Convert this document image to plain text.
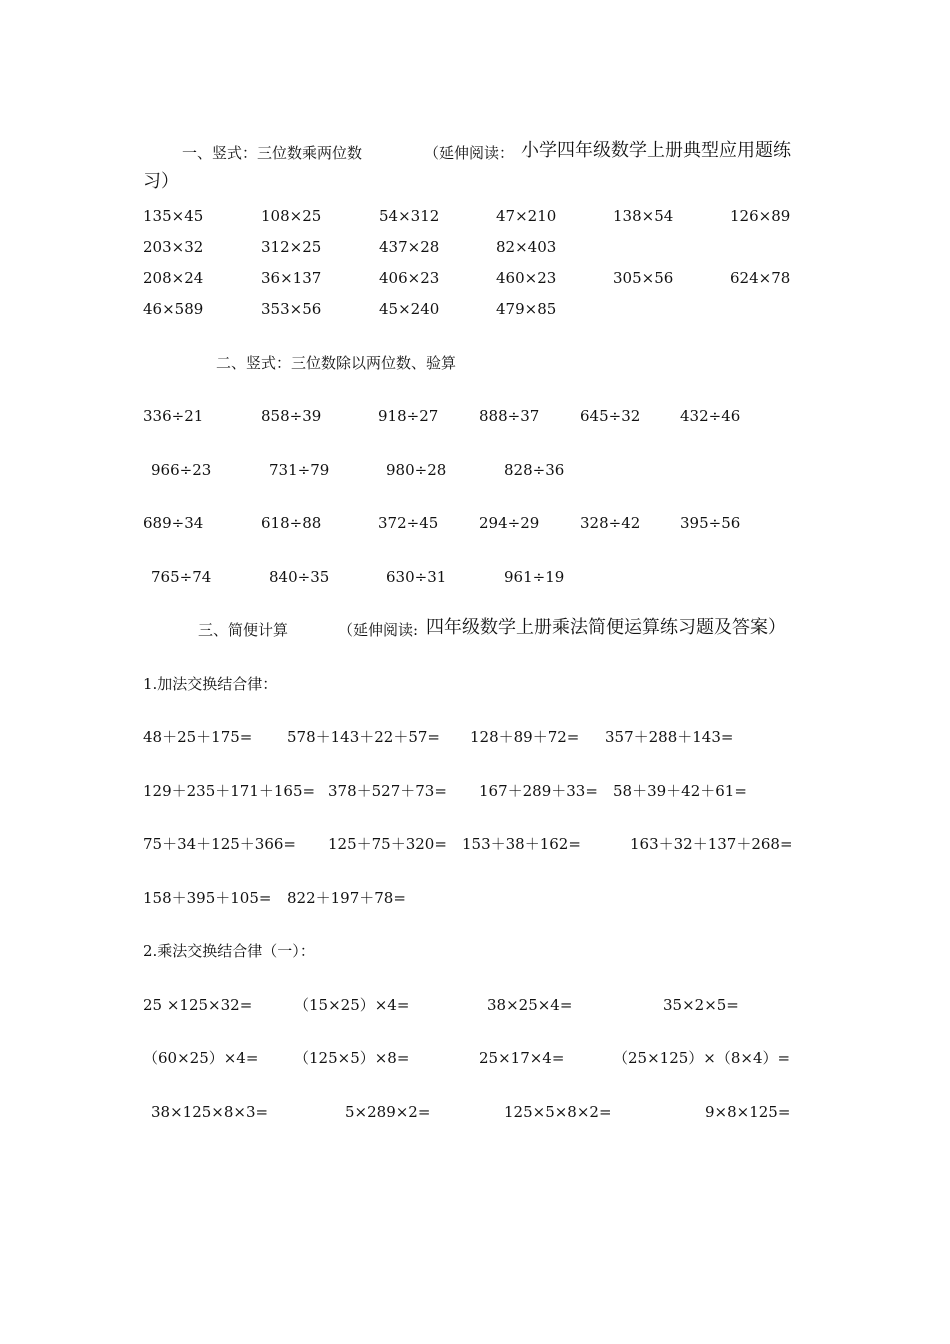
一、竖式：三位数乘两位数	（延伸阅读： 小学四年级数学上册典型应用题练
习）
135×45	108×25	54×312	47×210	138×54	126×89
203×32	312×25	437×28	82×403
208×24	36×137	406×23	460×23	305×56	624×78
46×589	353×56	45×240	479×85
二、竖式：三位数除以两位数、验算
336÷21	858÷39	918÷27	888÷37	645÷32	432÷46
966÷23	731÷79	980÷28	828÷36
689÷34	618÷88	372÷45	294÷29	328÷42	395÷56
765÷74	840÷35	630÷31	961÷19
三、简便计算	（延伸阅读: 四年级数学上册乘法简便运算练习题及答案）
1.加法交换结合律：
48＋25＋175= 578＋143＋22＋57= 128＋89＋72= 357＋288＋143=
129＋235＋171＋165= 378＋527＋73= 167＋289＋33= 58＋39＋42＋61=
75＋34＋125＋366= 125＋75＋320= 153＋38＋162=	163＋32＋137＋268=
158＋395＋105= 822＋197＋78=
2.乘法交换结合律（一）：
25 ×125×32=	（15×25）×4=	38×25×4=	35×2×5=
（60×25）×4= （125×5）×8=	25×17×4=	（25×125）×（8×4）=
38×125×8×3=	5×289×2=	125×5×8×2=	9×8×125=
